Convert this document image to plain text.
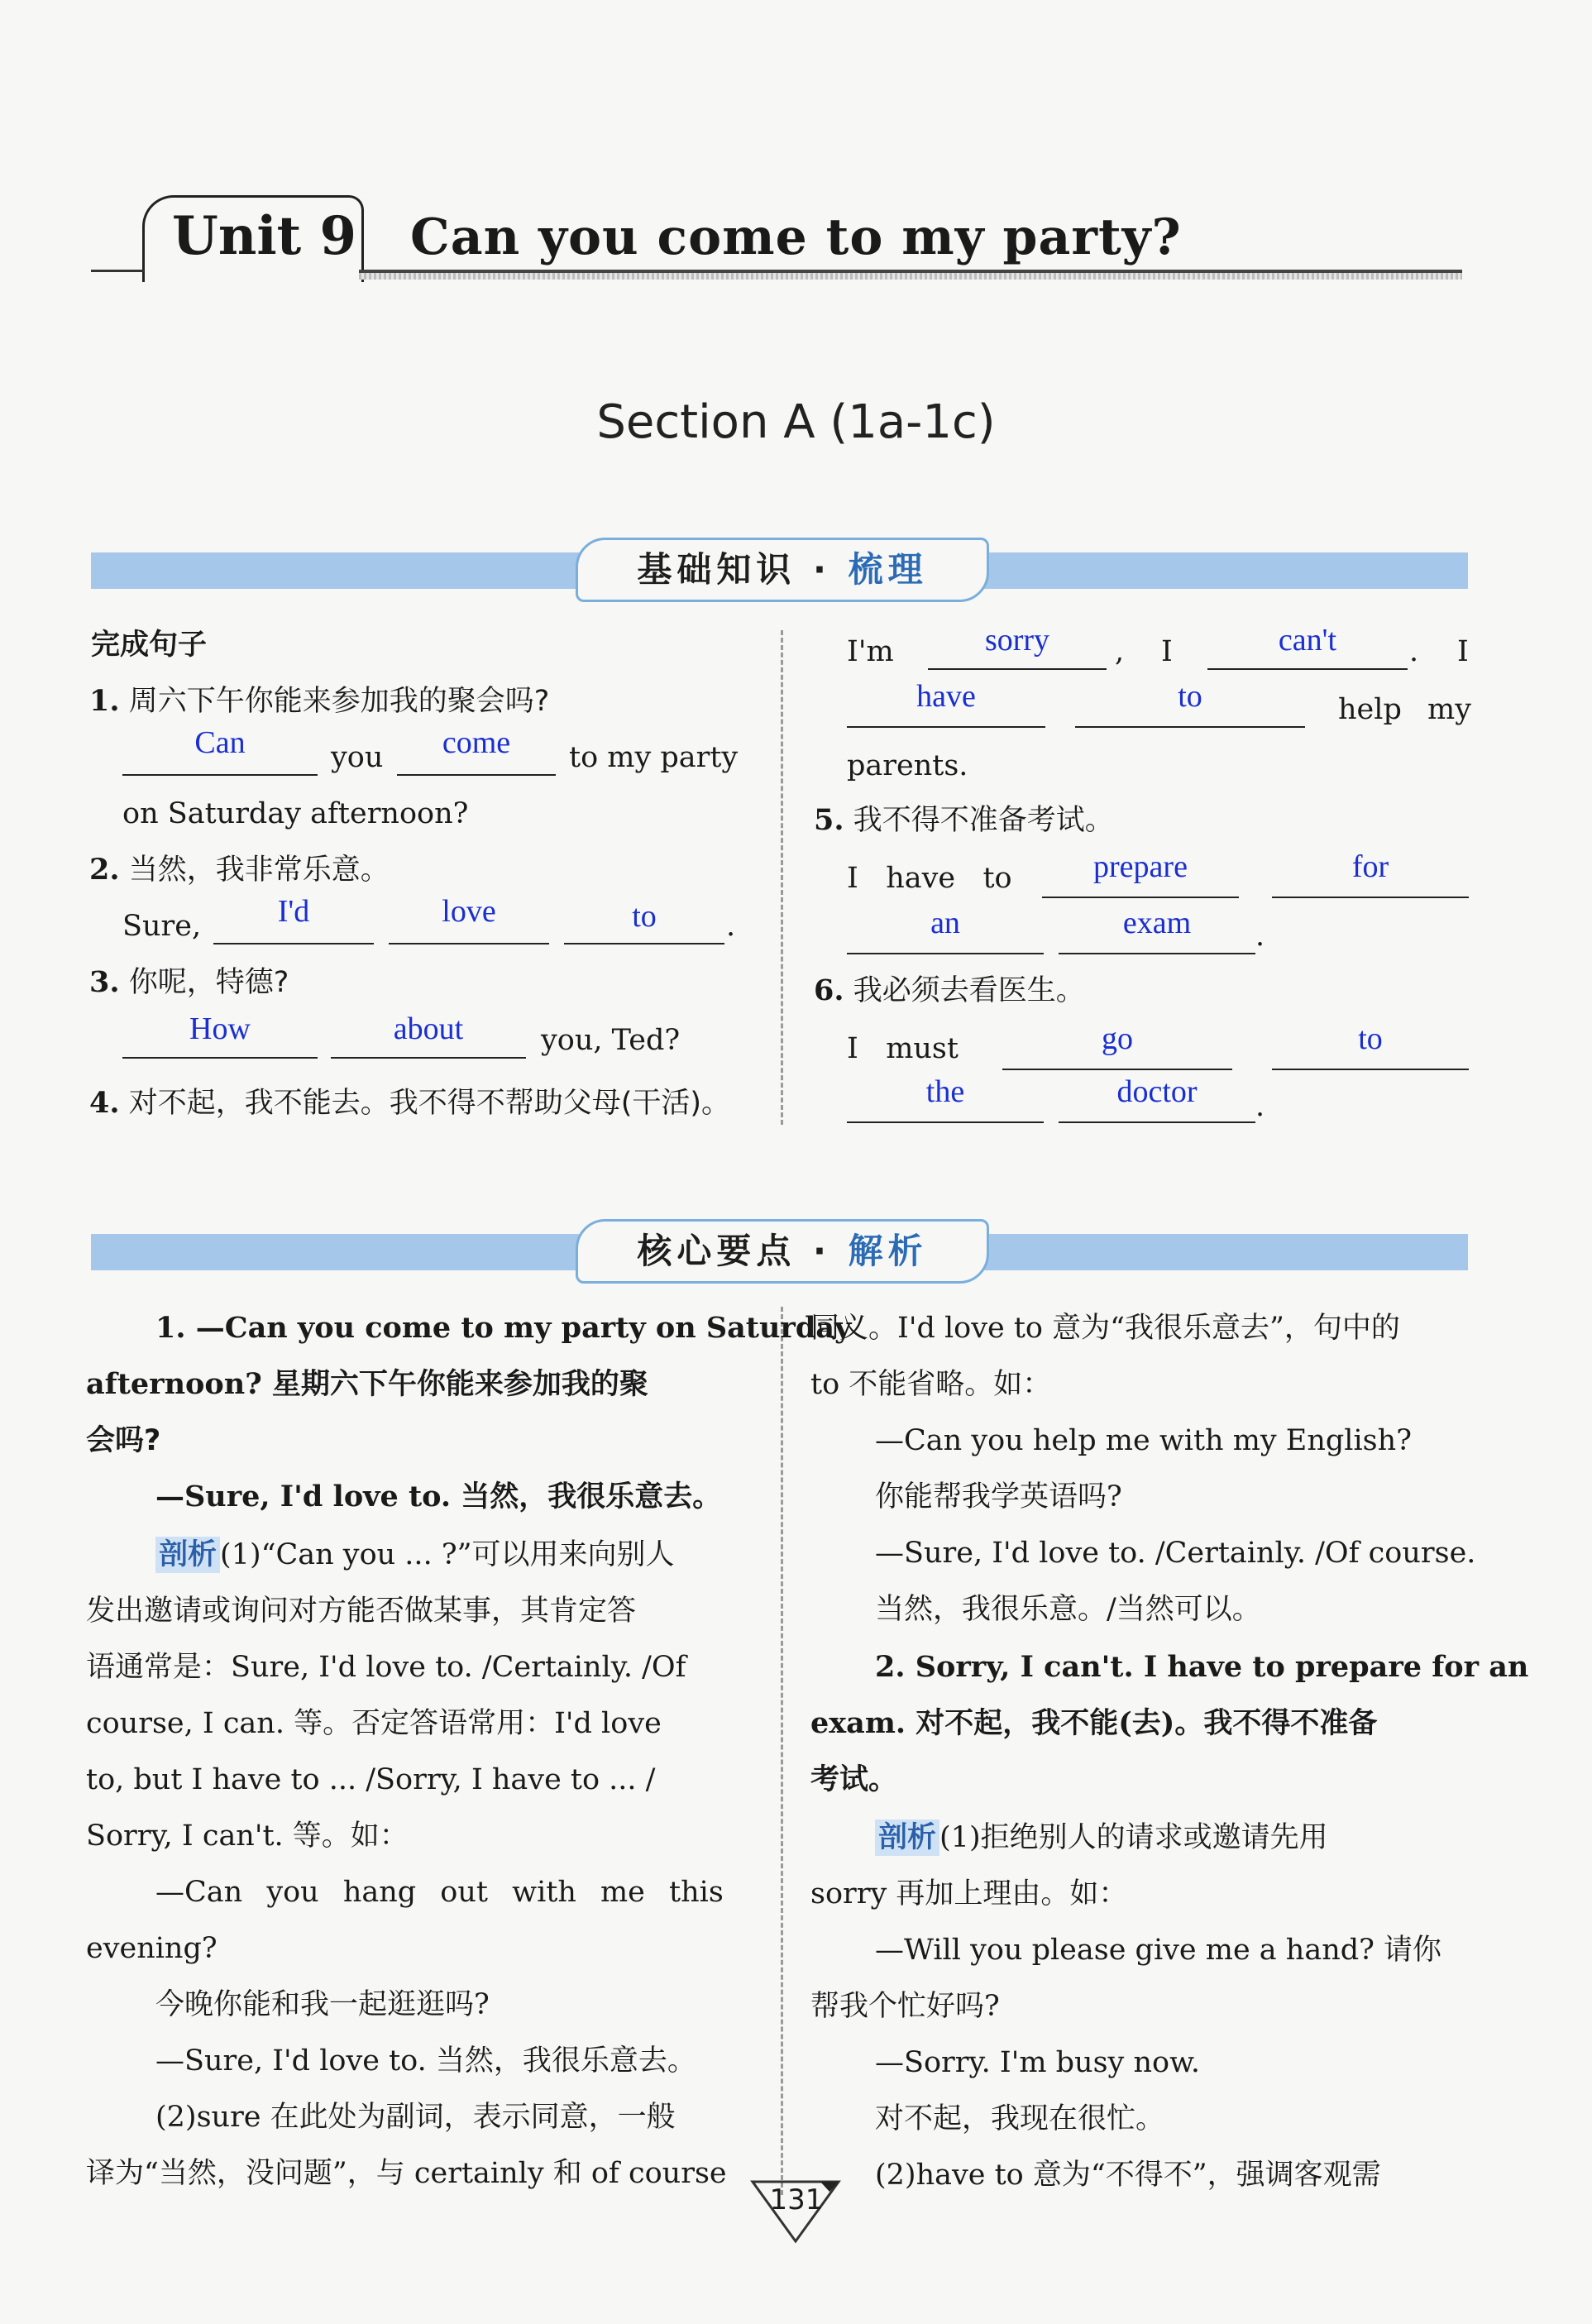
Unit 9 Can you come to my party?
Section A (1a-1c)
基础知识 · 梳理
完成句子
1. 周六下午你能来参加我的聚会吗?
Can	you	come	to my party
on Saturday afternoon?
2. 当然，我非常乐意。
Sure,	I'd	love	to	.
3. 你呢，特德?
How	about	you, Ted?
4. 对不起，我不能去。我不得不帮助父母(干活)。
I'm	sorry	, I	can't	. I
have	to	help my
parents.
5. 我不得不准备考试。
I   have   to	prepare	for
an	exam	.
6. 我必须去看医生。
I   must	go	to
the	doctor	.
核心要点 · 解析
1. —Can you come to my party on Saturday
afternoon? 星期六下午你能来参加我的聚
会吗?
—Sure, I'd love to. 当然，我很乐意去。
剖析 (1)“Can you ... ?”可以用来向别人
发出邀请或询问对方能否做某事，其肯定答
语通常是：Sure, I'd love to. /Certainly. /Of
course, I can. 等。否定答语常用：I'd love
to, but I have to ... /Sorry, I have to ... /
Sorry, I can't. 等。如：
—Can you hang out with me this
evening?
今晚你能和我一起逛逛吗?
—Sure, I'd love to. 当然，我很乐意去。
(2)sure 在此处为副词，表示同意，一般
译为“当然，没问题”，与 certainly 和 of course
同义。I'd love to 意为“我很乐意去”，句中的
to 不能省略。如：
—Can you help me with my English?
你能帮我学英语吗?
—Sure, I'd love to. /Certainly. /Of course.
当然，我很乐意。/当然可以。
2. Sorry, I can't. I have to prepare for an
exam. 对不起，我不能(去)。我不得不准备
考试。
剖析 (1)拒绝别人的请求或邀请先用
sorry 再加上理由。如：
—Will you please give me a hand? 请你
帮我个忙好吗?
—Sorry. I'm busy now.
对不起，我现在很忙。
(2)have to 意为“不得不”，强调客观需
131
